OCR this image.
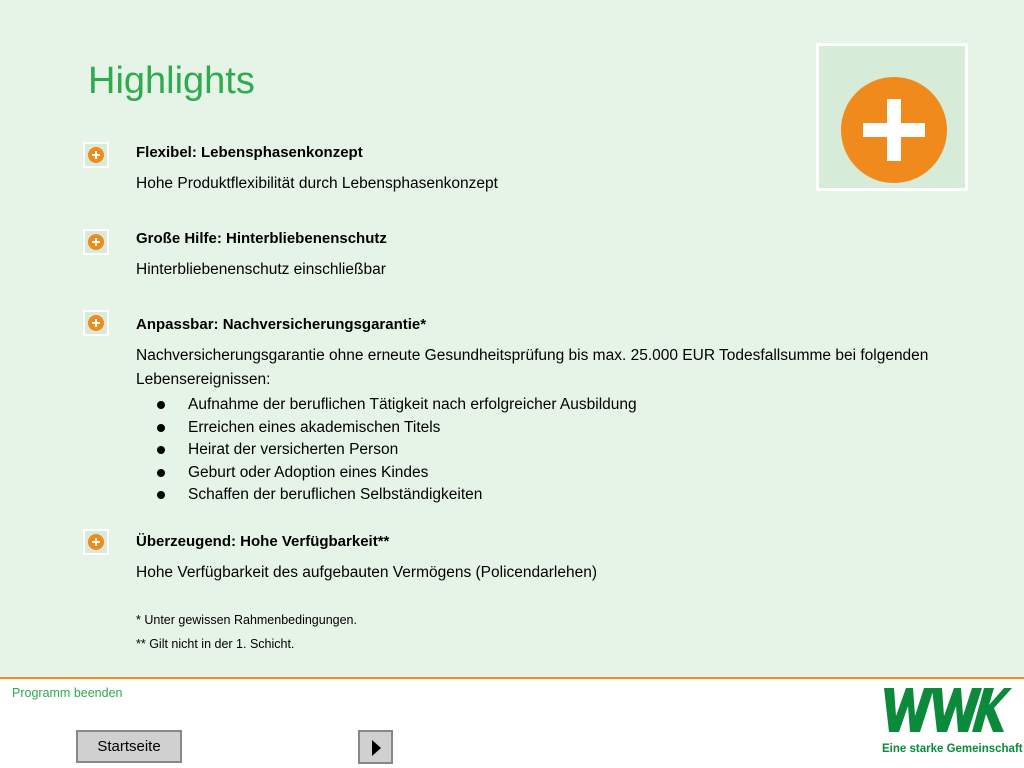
Highlights
Flexibel: Lebensphasenkonzept
Hohe Produktflexibilität durch Lebensphasenkonzept
Große Hilfe: Hinterbliebenenschutz
Hinterbliebenenschutz einschließbar
Anpassbar: Nachversicherungsgarantie*
Nachversicherungsgarantie ohne erneute Gesundheitsprüfung bis max. 25.000 EUR Todesfallsumme bei folgenden Lebensereignissen:
Aufnahme der beruflichen Tätigkeit nach erfolgreicher Ausbildung
Erreichen eines akademischen Titels
Heirat der versicherten Person
Geburt oder Adoption eines Kindes
Schaffen der beruflichen Selbständigkeiten
Überzeugend: Hohe Verfügbarkeit**
Hohe Verfügbarkeit des aufgebauten Vermögens (Policendarlehen)
* Unter gewissen Rahmenbedingungen.
** Gilt nicht in der 1. Schicht.
Programm beenden
Startseite	Eine starke Gemeinschaft
